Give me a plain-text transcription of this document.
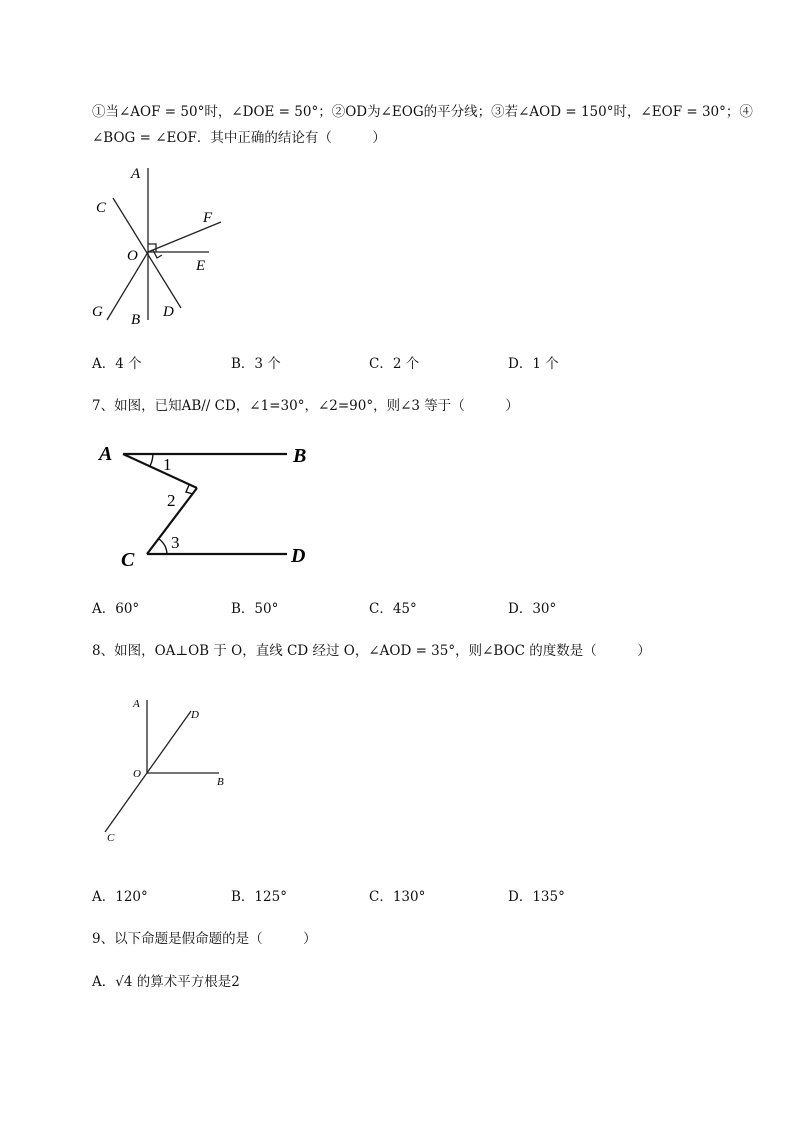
①当∠AOF = 50°时，∠DOE = 50°；②OD为∠EOG的平分线；③若∠AOD = 150°时，∠EOF = 30°；④
∠BOG = ∠EOF．其中正确的结论有（　　　）
A
C
F
O
E
G B D
A．4 个	B．3 个	C．2 个	D．1 个
7、如图，已知AB// CD，∠1=30°，∠2=90°，则∠3 等于（　　　）
A	B
C	D
1
2
3
A．60°	B．50°	C．45°	D．30°
8、如图，OA⊥OB 于 O，直线 CD 经过 O，∠AOD = 35°，则∠BOC 的度数是（　　　）
A
D
O
B
C
A．120°	B．125°	C．130°	D．135°
9、以下命题是假命题的是（　　　）
A．√4 的算术平方根是2
